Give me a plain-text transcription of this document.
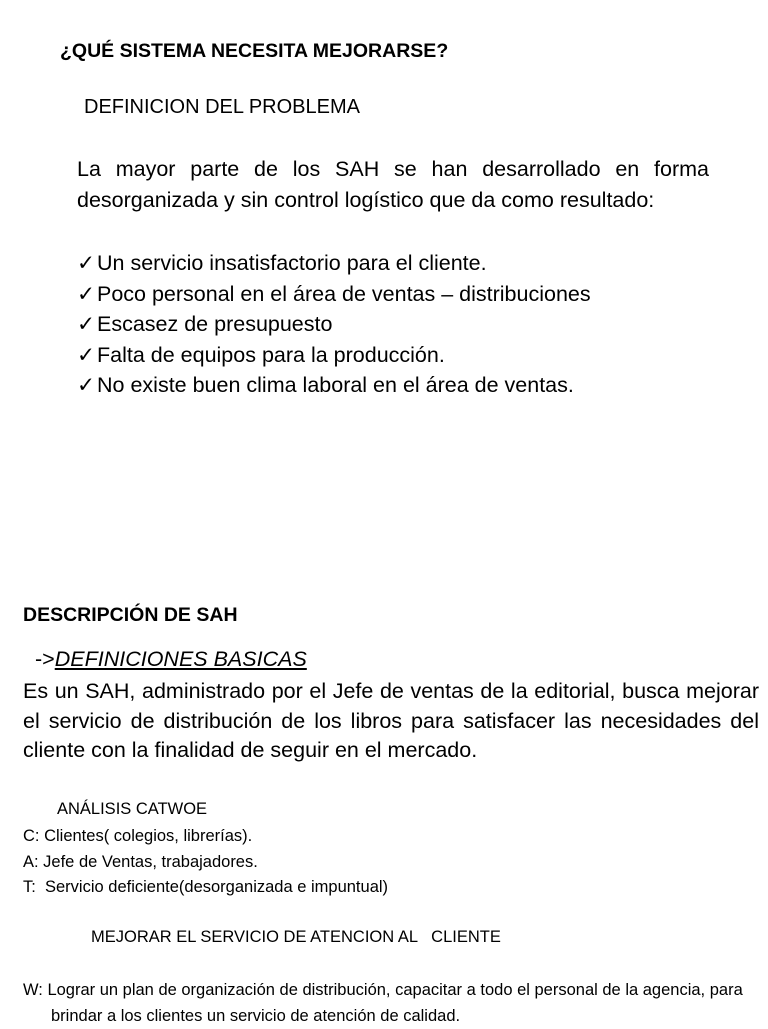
¿QUÉ SISTEMA NECESITA MEJORARSE?
DEFINICION DEL PROBLEMA
La mayor parte de los SAH se han desarrollado en forma desorganizada y sin control logístico que da como resultado:
✓ Un servicio insatisfactorio para el cliente.
✓ Poco personal en el área de ventas – distribuciones
✓ Escasez de presupuesto
✓ Falta de equipos para la producción.
✓ No existe buen clima laboral en el área de ventas.
DESCRIPCIÓN DE SAH
->DEFINICIONES BASICAS
Es un SAH, administrado por el Jefe de ventas de la editorial, busca mejorar el servicio de distribución de los libros para satisfacer las necesidades del cliente con la finalidad de seguir en el mercado.
ANÁLISIS CATWOE
C: Clientes( colegios, librerías).
A: Jefe de Ventas, trabajadores.
T:  Servicio deficiente(desorganizada e impuntual)
MEJORAR EL SERVICIO DE ATENCION AL   CLIENTE
W: Lograr un plan de organización de distribución, capacitar a todo el personal de la agencia, para brindar a los clientes un servicio de atención de calidad.
